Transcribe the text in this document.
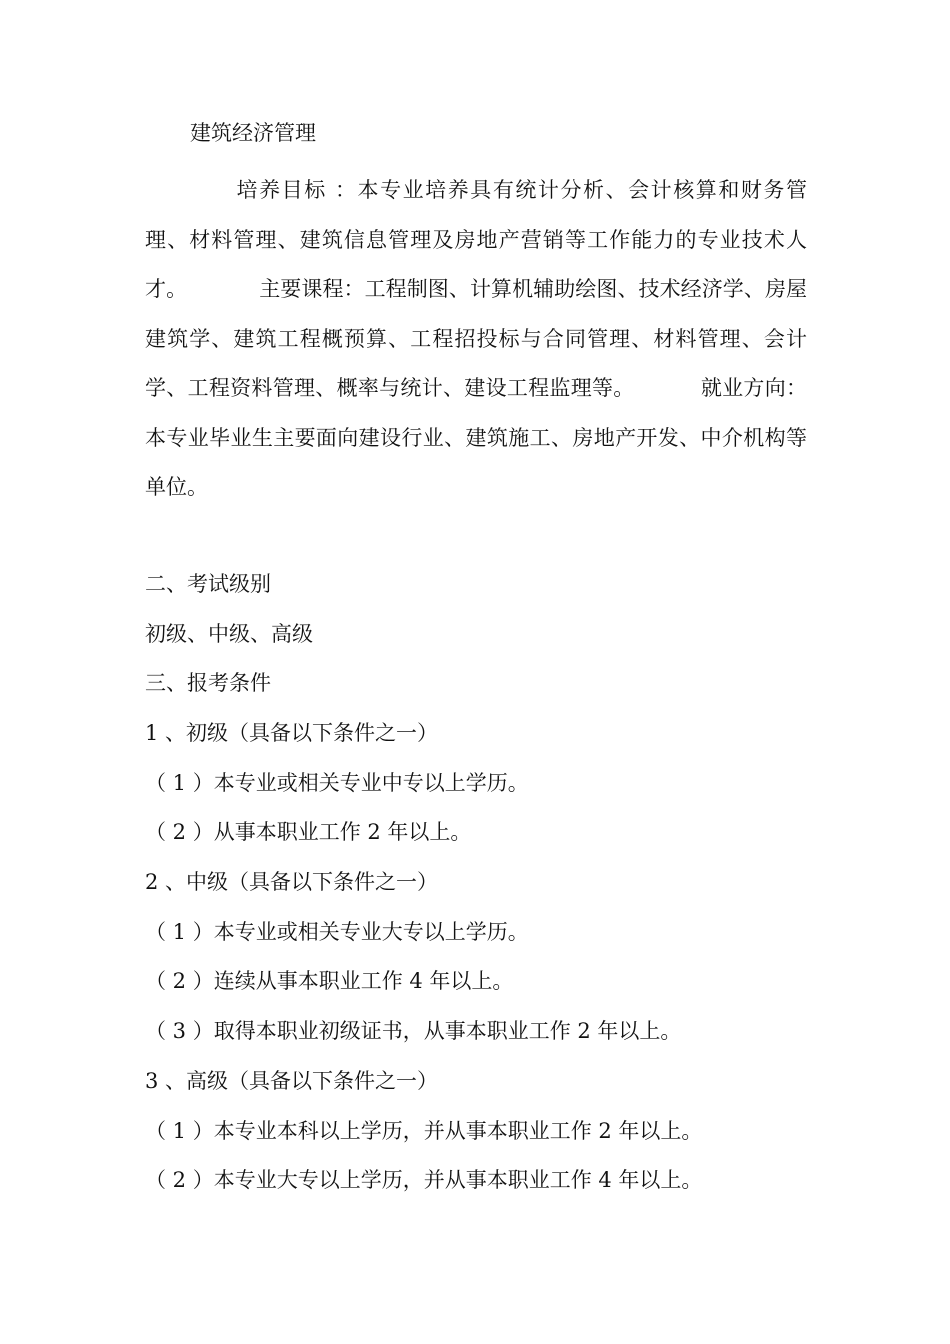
建筑经济管理
培养目标 ：本专业培养具有统计分析、会计核算和财务管理、材料管理、建筑信息管理及房地产营销等工作能力的专业技术人才。	主要课程：工程制图、计算机辅助绘图、技术经济学、房屋建筑学、建筑工程概预算、工程招投标与合同管理、材料管理、会计学、工程资料管理、概率与统计、建设工程监理等。	就业方向：本专业毕业生主要面向建设行业、建筑施工、房地产开发、中介机构等单位。
二、考试级别
初级、中级、高级
三、报考条件
1 、初级（具备以下条件之一）
（ 1 ）本专业或相关专业中专以上学历。
（ 2 ）从事本职业工作 2 年以上。
2 、中级（具备以下条件之一）
（ 1 ）本专业或相关专业大专以上学历。
（ 2 ）连续从事本职业工作 4 年以上。
（ 3 ）取得本职业初级证书，从事本职业工作 2 年以上。
3 、高级（具备以下条件之一）
（ 1 ）本专业本科以上学历，并从事本职业工作 2 年以上。
（ 2 ）本专业大专以上学历，并从事本职业工作 4 年以上。
